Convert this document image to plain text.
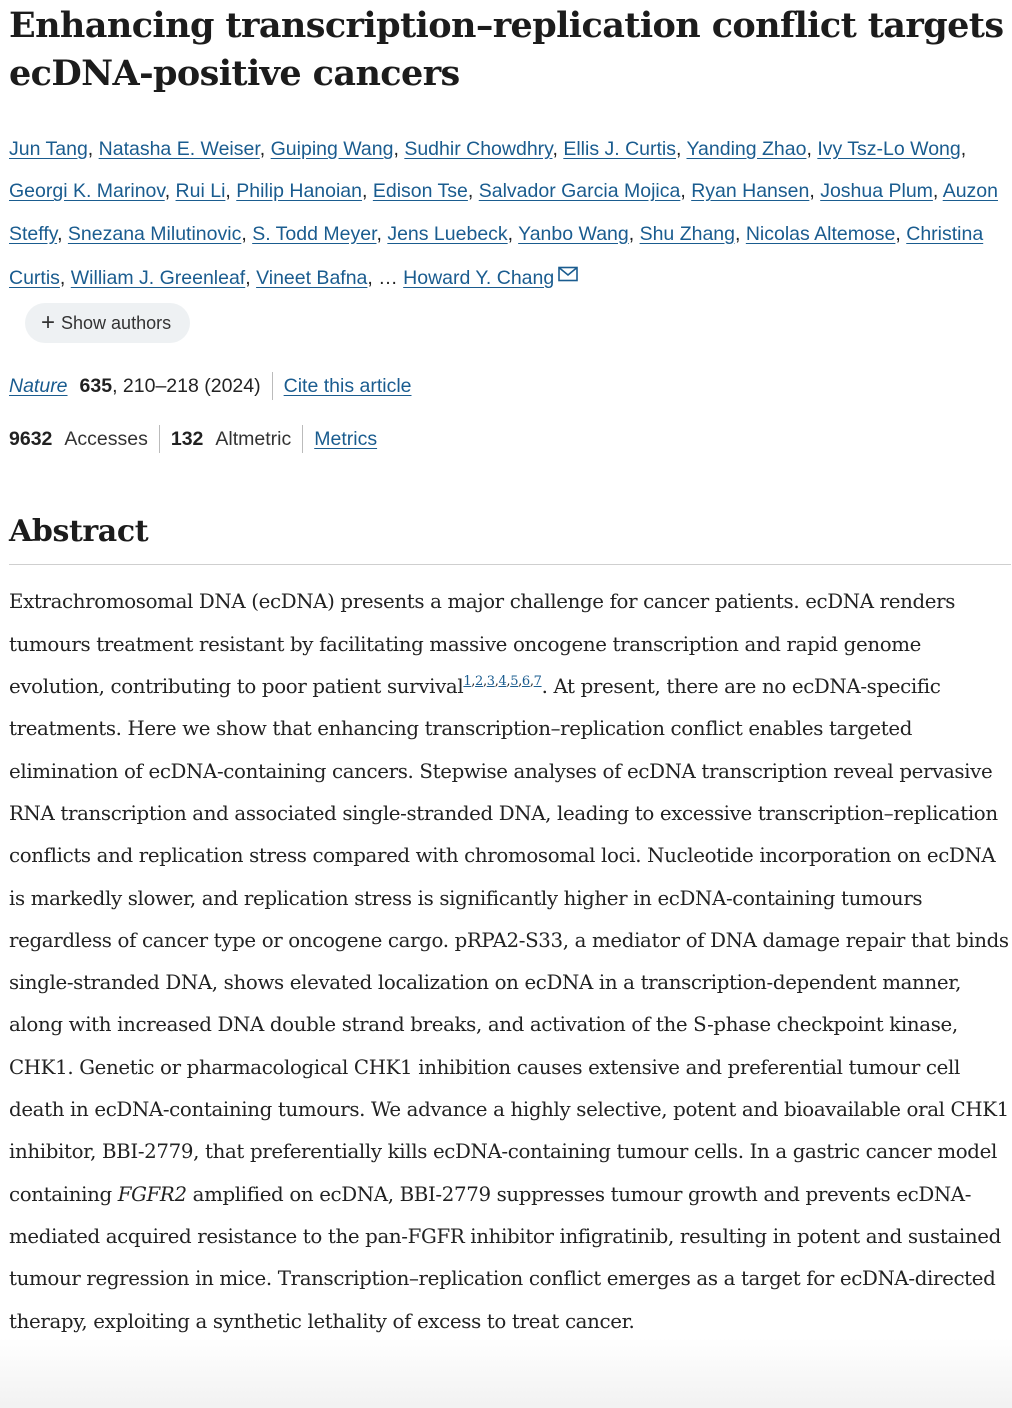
Enhancing transcription–replication conflict targets ecDNA-positive cancers
Jun Tang, Natasha E. Weiser, Guiping Wang, Sudhir Chowdhry, Ellis J. Curtis, Yanding Zhao, Ivy Tsz-Lo Wong, Georgi K. Marinov, Rui Li, Philip Hanoian, Edison Tse, Salvador Garcia Mojica, Ryan Hansen, Joshua Plum, Auzon Steffy, Snezana Milutinovic, S. Todd Meyer, Jens Luebeck, Yanbo Wang, Shu Zhang, Nicolas Altemose, Christina Curtis, William J. Greenleaf, Vineet Bafna, … Howard Y. Chang

+ Show authors
Nature 635 , 210–218 (2024) Cite this article
9632 Accesses 132 Altmetric Metrics
Abstract

Extrachromosomal DNA (ecDNA) presents a major challenge for cancer patients. ecDNA renders tumours treatment resistant by facilitating massive oncogene transcription and rapid genome evolution, contributing to poor patient survival$^{1,2,3,4,5,6,7}$. At present, there are no ecDNA-specific treatments. Here we show that enhancing transcription–replication conflict enables targeted elimination of ecDNA-containing cancers. Stepwise analyses of ecDNA transcription reveal pervasive RNA transcription and associated single-stranded DNA, leading to excessive transcription–replication conflicts and replication stress compared with chromosomal loci. Nucleotide incorporation on ecDNA is markedly slower, and replication stress is significantly higher in ecDNA-containing tumours regardless of cancer type or oncogene cargo. pRPA2-S33, a mediator of DNA damage repair that binds single-stranded DNA, shows elevated localization on ecDNA in a transcription-dependent manner, along with increased DNA double strand breaks, and activation of the S-phase checkpoint kinase, CHK1. Genetic or pharmacological CHK1 inhibition causes extensive and preferential tumour cell death in ecDNA-containing tumours. We advance a highly selective, potent and bioavailable oral CHK1 inhibitor, BBI-2779, that preferentially kills ecDNA-containing tumour cells. In a gastric cancer model containing FGFR2 amplified on ecDNA, BBI-2779 suppresses tumour growth and prevents ecDNA-mediated acquired resistance to the pan-FGFR inhibitor infigratinib, resulting in potent and sustained tumour regression in mice. Transcription–replication conflict emerges as a target for ecDNA-directed therapy, exploiting a synthetic lethality of excess to treat cancer.
